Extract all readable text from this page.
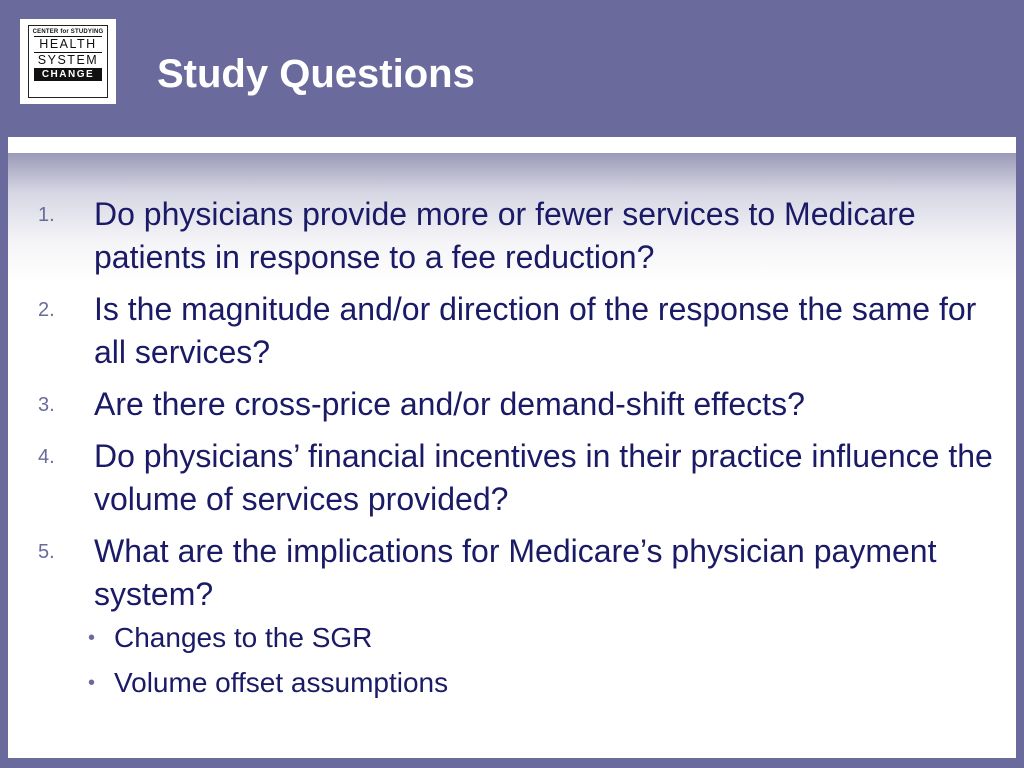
CENTER for STUDYING
HEALTH
SYSTEM
CHANGE Study Questions
1. Do physicians provide more or fewer services to Medicare patients in response to a fee reduction?
2. Is the magnitude and/or direction of the response the same for all services?
3. Are there cross-price and/or demand-shift effects?
4. Do physicians’ financial incentives in their practice influence the volume of services provided?
5. What are the implications for Medicare’s physician payment system?
• Changes to the SGR
• Volume offset assumptions
